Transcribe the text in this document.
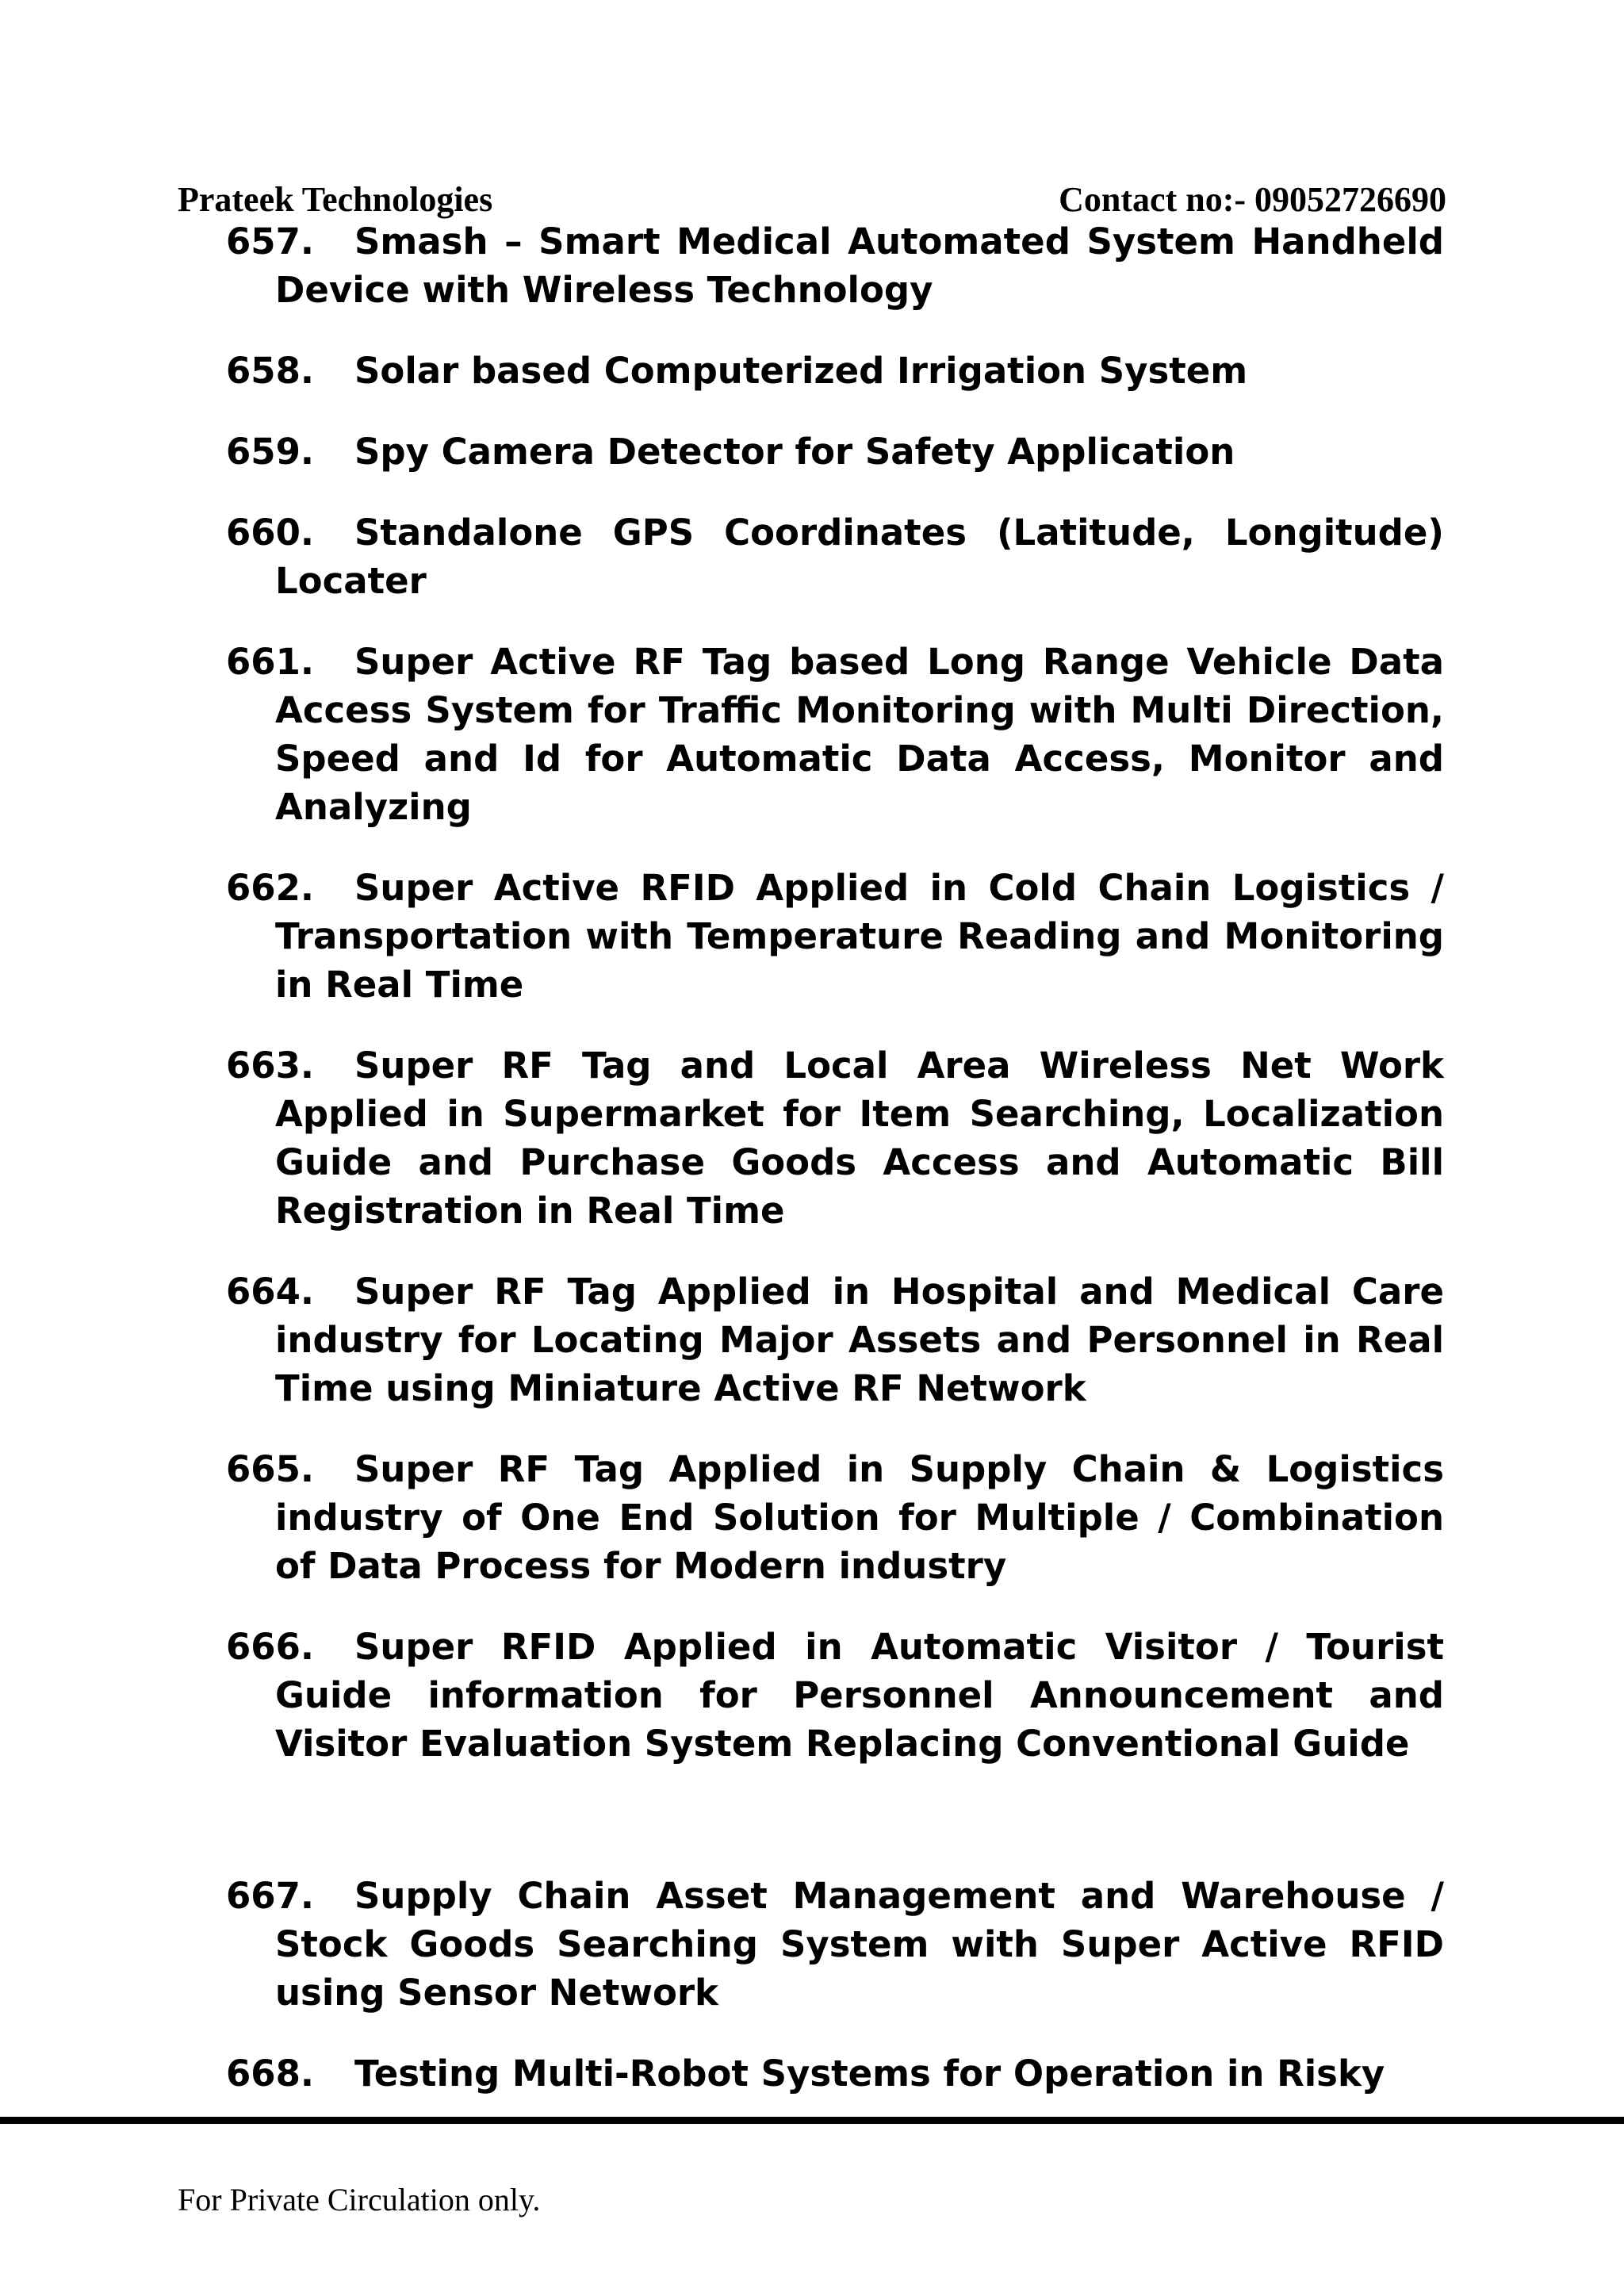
Prateek Technologies	Contact no:- 09052726690
657.	Smash – Smart Medical Automated System Handheld Device with Wireless Technology
658.	Solar based Computerized Irrigation System
659.	Spy Camera Detector for Safety Application
660.	Standalone GPS Coordinates (Latitude, Longitude) Locater
661.	Super Active RF Tag based Long Range Vehicle Data Access System for Traffic Monitoring with Multi Direction, Speed and Id for Automatic Data Access, Monitor and Analyzing
662.	Super Active RFID Applied in Cold Chain Logistics / Transportation with Temperature Reading and Monitoring in Real Time
663.	Super RF Tag and Local Area Wireless Net Work Applied in Supermarket for Item Searching, Localization Guide and Purchase Goods Access and Automatic Bill Registration in Real Time
664.	Super RF Tag Applied in Hospital and Medical Care industry for Locating Major Assets and Personnel in Real Time using Miniature Active RF Network
665.	Super RF Tag Applied in Supply Chain & Logistics industry of One End Solution for Multiple / Combination of Data Process for Modern industry
666.	Super RFID Applied in Automatic Visitor / Tourist Guide information for Personnel Announcement and Visitor Evaluation System Replacing Conventional Guide
667.	Supply Chain Asset Management and Warehouse / Stock Goods Searching System with Super Active RFID using Sensor Network
668.	Testing Multi-Robot Systems for Operation in Risky
For Private Circulation only.
